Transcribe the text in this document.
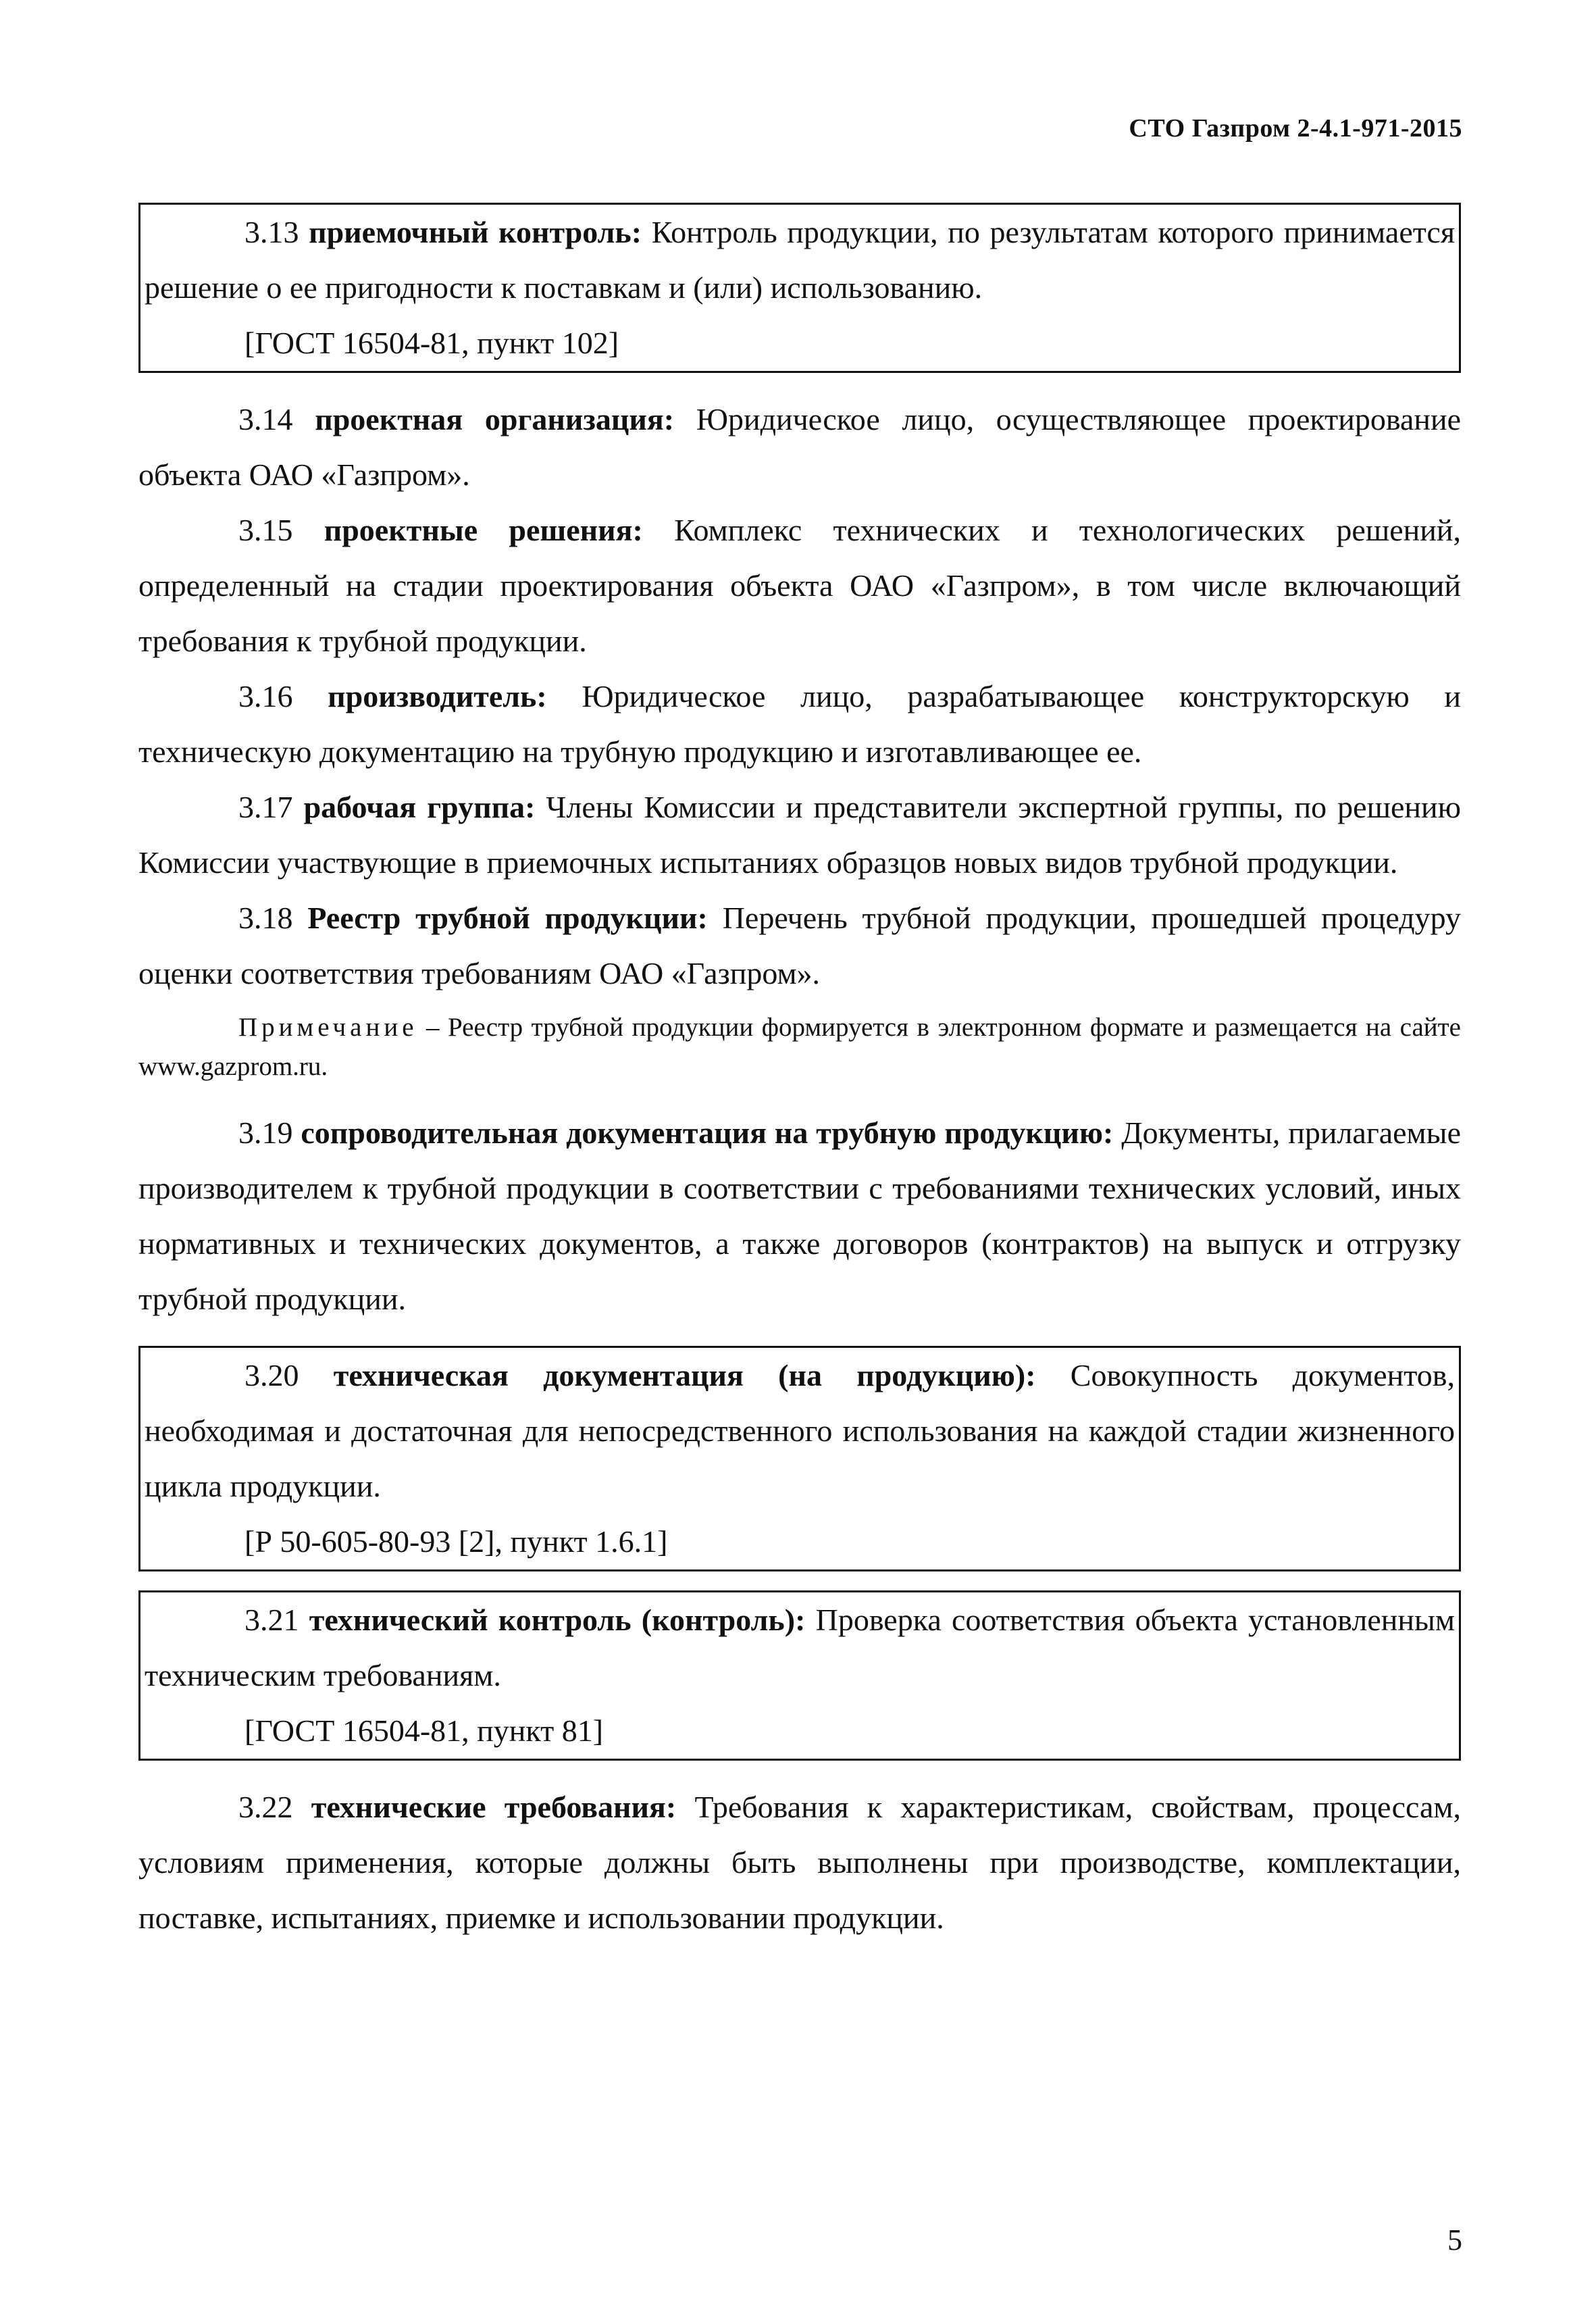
СТО Газпром 2-4.1-971-2015

3.13 приемочный контроль: Контроль продукции, по результатам которого принимается решение о ее пригодности к поставкам и (или) использованию.

[ГОСТ 16504-81, пункт 102]

3.14 проектная организация: Юридическое лицо, осуществляющее проектирование объекта ОАО «Газпром».

3.15 проектные решения: Комплекс технических и технологических решений, определенный на стадии проектирования объекта ОАО «Газпром», в том числе включающий требования к трубной продукции.

3.16 производитель: Юридическое лицо, разрабатывающее конструкторскую и техническую документацию на трубную продукцию и изготавливающее ее.

3.17 рабочая группа: Члены Комиссии и представители экспертной группы, по решению Комиссии участвующие в приемочных испытаниях образцов новых видов трубной продукции.

3.18 Реестр трубной продукции: Перечень трубной продукции, прошедшей процедуру оценки соответствия требованиям ОАО «Газпром».

Примечание – Реестр трубной продукции формируется в электронном формате и размещается на сайте www.gazprom.ru.

3.19 сопроводительная документация на трубную продукцию: Документы, прилагаемые производителем к трубной продукции в соответствии с требованиями технических условий, иных нормативных и технических документов, а также договоров (контрактов) на выпуск и отгрузку трубной продукции.

3.20 техническая документация (на продукцию): Совокупность документов, необходимая и достаточная для непосредственного использования на каждой стадии жизненного цикла продукции.

[Р 50-605-80-93 [2], пункт 1.6.1]

3.21 технический контроль (контроль): Проверка соответствия объекта установленным техническим требованиям.

[ГОСТ 16504-81, пункт 81]

3.22 технические требования: Требования к характеристикам, свойствам, процессам, условиям применения, которые должны быть выполнены при производстве, комплектации, поставке, испытаниях, приемке и использовании продукции.

5
